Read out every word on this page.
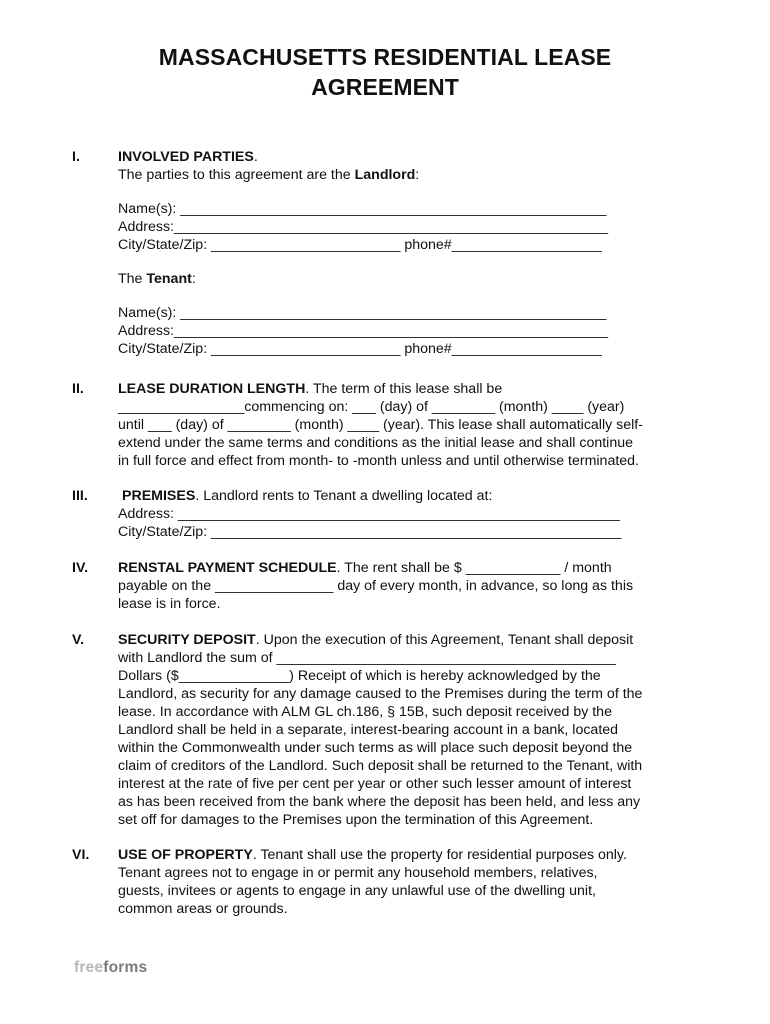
MASSACHUSETTS RESIDENTIAL LEASE
AGREEMENT
I.	INVOLVED PARTIES.
The parties to this agreement are the Landlord:
Name(s): ______________________________________________________
Address:_______________________________________________________
City/State/Zip: ________________________ phone#___________________
The Tenant:
Name(s): ______________________________________________________
Address:_______________________________________________________
City/State/Zip: ________________________ phone#___________________
II. LEASE DURATION LENGTH. The term of this lease shall be
________________commencing on: ___ (day) of ________ (month) ____ (year)
until ___ (day) of ________ (month) ____ (year). This lease shall automatically self-
extend under the same terms and conditions as the initial lease and shall continue
in full force and effect from month- to -month unless and until otherwise terminated.
III. PREMISES. Landlord rents to Tenant a dwelling located at:
Address: ________________________________________________________
City/State/Zip: ____________________________________________________
IV. RENSTAL PAYMENT SCHEDULE. The rent shall be $ ____________ / month
payable on the _______________ day of every month, in advance, so long as this
lease is in force.
V. SECURITY DEPOSIT. Upon the execution of this Agreement, Tenant shall deposit
with Landlord the sum of ___________________________________________
Dollars ($______________) Receipt of which is hereby acknowledged by the
Landlord, as security for any damage caused to the Premises during the term of the
lease. In accordance with ALM GL ch.186, § 15B, such deposit received by the
Landlord shall be held in a separate, interest-bearing account in a bank, located
within the Commonwealth under such terms as will place such deposit beyond the
claim of creditors of the Landlord. Such deposit shall be returned to the Tenant, with
interest at the rate of five per cent per year or other such lesser amount of interest
as has been received from the bank where the deposit has been held, and less any
set off for damages to the Premises upon the termination of this Agreement.
VI. USE OF PROPERTY. Tenant shall use the property for residential purposes only.
Tenant agrees not to engage in or permit any household members, relatives,
guests, invitees or agents to engage in any unlawful use of the dwelling unit,
common areas or grounds.
freeforms
